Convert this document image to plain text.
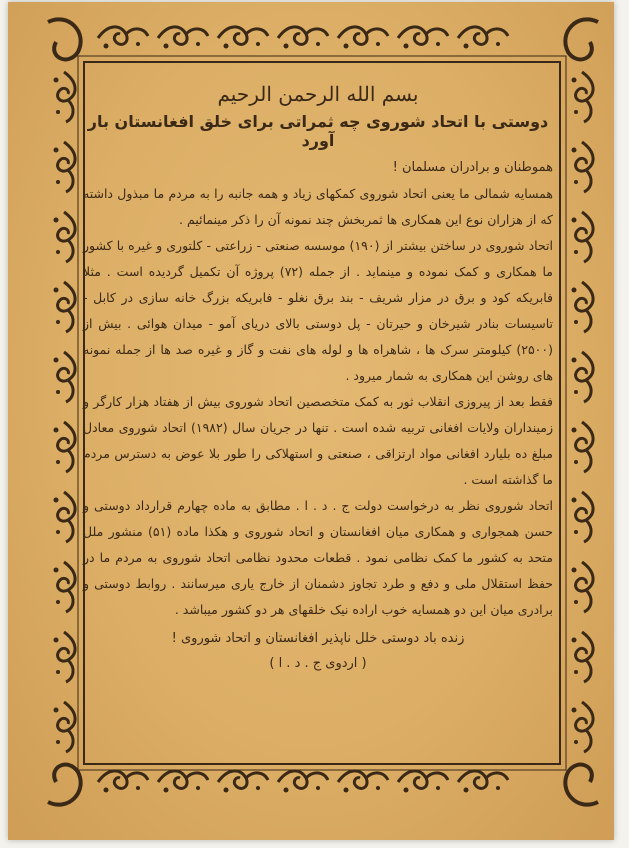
بسم الله الرحمن الرحیم

دوستی با اتحاد شوروی چه ثمراتی برای خلق افغانستان بار آورد

هموطنان و برادران مسلمان !

همسایه شمالی ما یعنی اتحاد شوروی کمکهای زیاد و همه جانبه را به مردم ما مبذول داشته که از هزاران نوع این همکاری ها ثمربخش چند نمونه آن را ذکر مینمائیم .

اتحاد شوروی در ساختن بیشتر از (۱۹۰) موسسه صنعتی - زراعتی - کلتوری و غیره با کشور ما همکاری و کمک نموده و مینماید . از جمله (۷۲) پروژه آن تکمیل گردیده است . مثلا فابریکه کود و برق در مزار شریف - بند برق نغلو - فابریکه بزرگ خانه سازی در کابل - تاسیسات بنادر شیرخان و حیرتان - پل دوستی بالای دریای آمو - میدان هوائی . بیش از (۲۵۰۰) کیلومتر سرک ها ، شاهراه ها و لوله های نفت و گاز و غیره صد ها از جمله نمونه های روشن این همکاری به شمار میرود .

فقط بعد از پیروزی انقلاب ثور به کمک متخصصین اتحاد شوروی بیش از هفتاد هزار کارگر و زمینداران ولایات افغانی تربیه شده است . تنها در جریان سال (۱۹۸۲) اتحاد شوروی معادل مبلغ ده بلیارد افغانی مواد ارتزاقی ، صنعتی و استهلاکی را طور بلا عوض به دسترس مردم ما گذاشته است .

اتحاد شوروی نظر به درخواست دولت ج . د . ا . مطابق به ماده چهارم قرارداد دوستی و حسن همجواری و همکاری میان افغانستان و اتحاد شوروی و هکذا ماده (۵۱) منشور ملل متحد به کشور ما کمک نظامی نمود . قطعات محدود نظامی اتحاد شوروی به مردم ما در حفظ استقلال ملی و دفع و طرد تجاوز دشمنان از خارج یاری میرسانند . روابط دوستی و برادری میان این دو همسایه خوب اراده نیک خلقهای هر دو کشور میباشد .

زنده باد دوستی خلل ناپذیر افغانستان و اتحاد شوروی !

( اردوی ج . د . ا )
